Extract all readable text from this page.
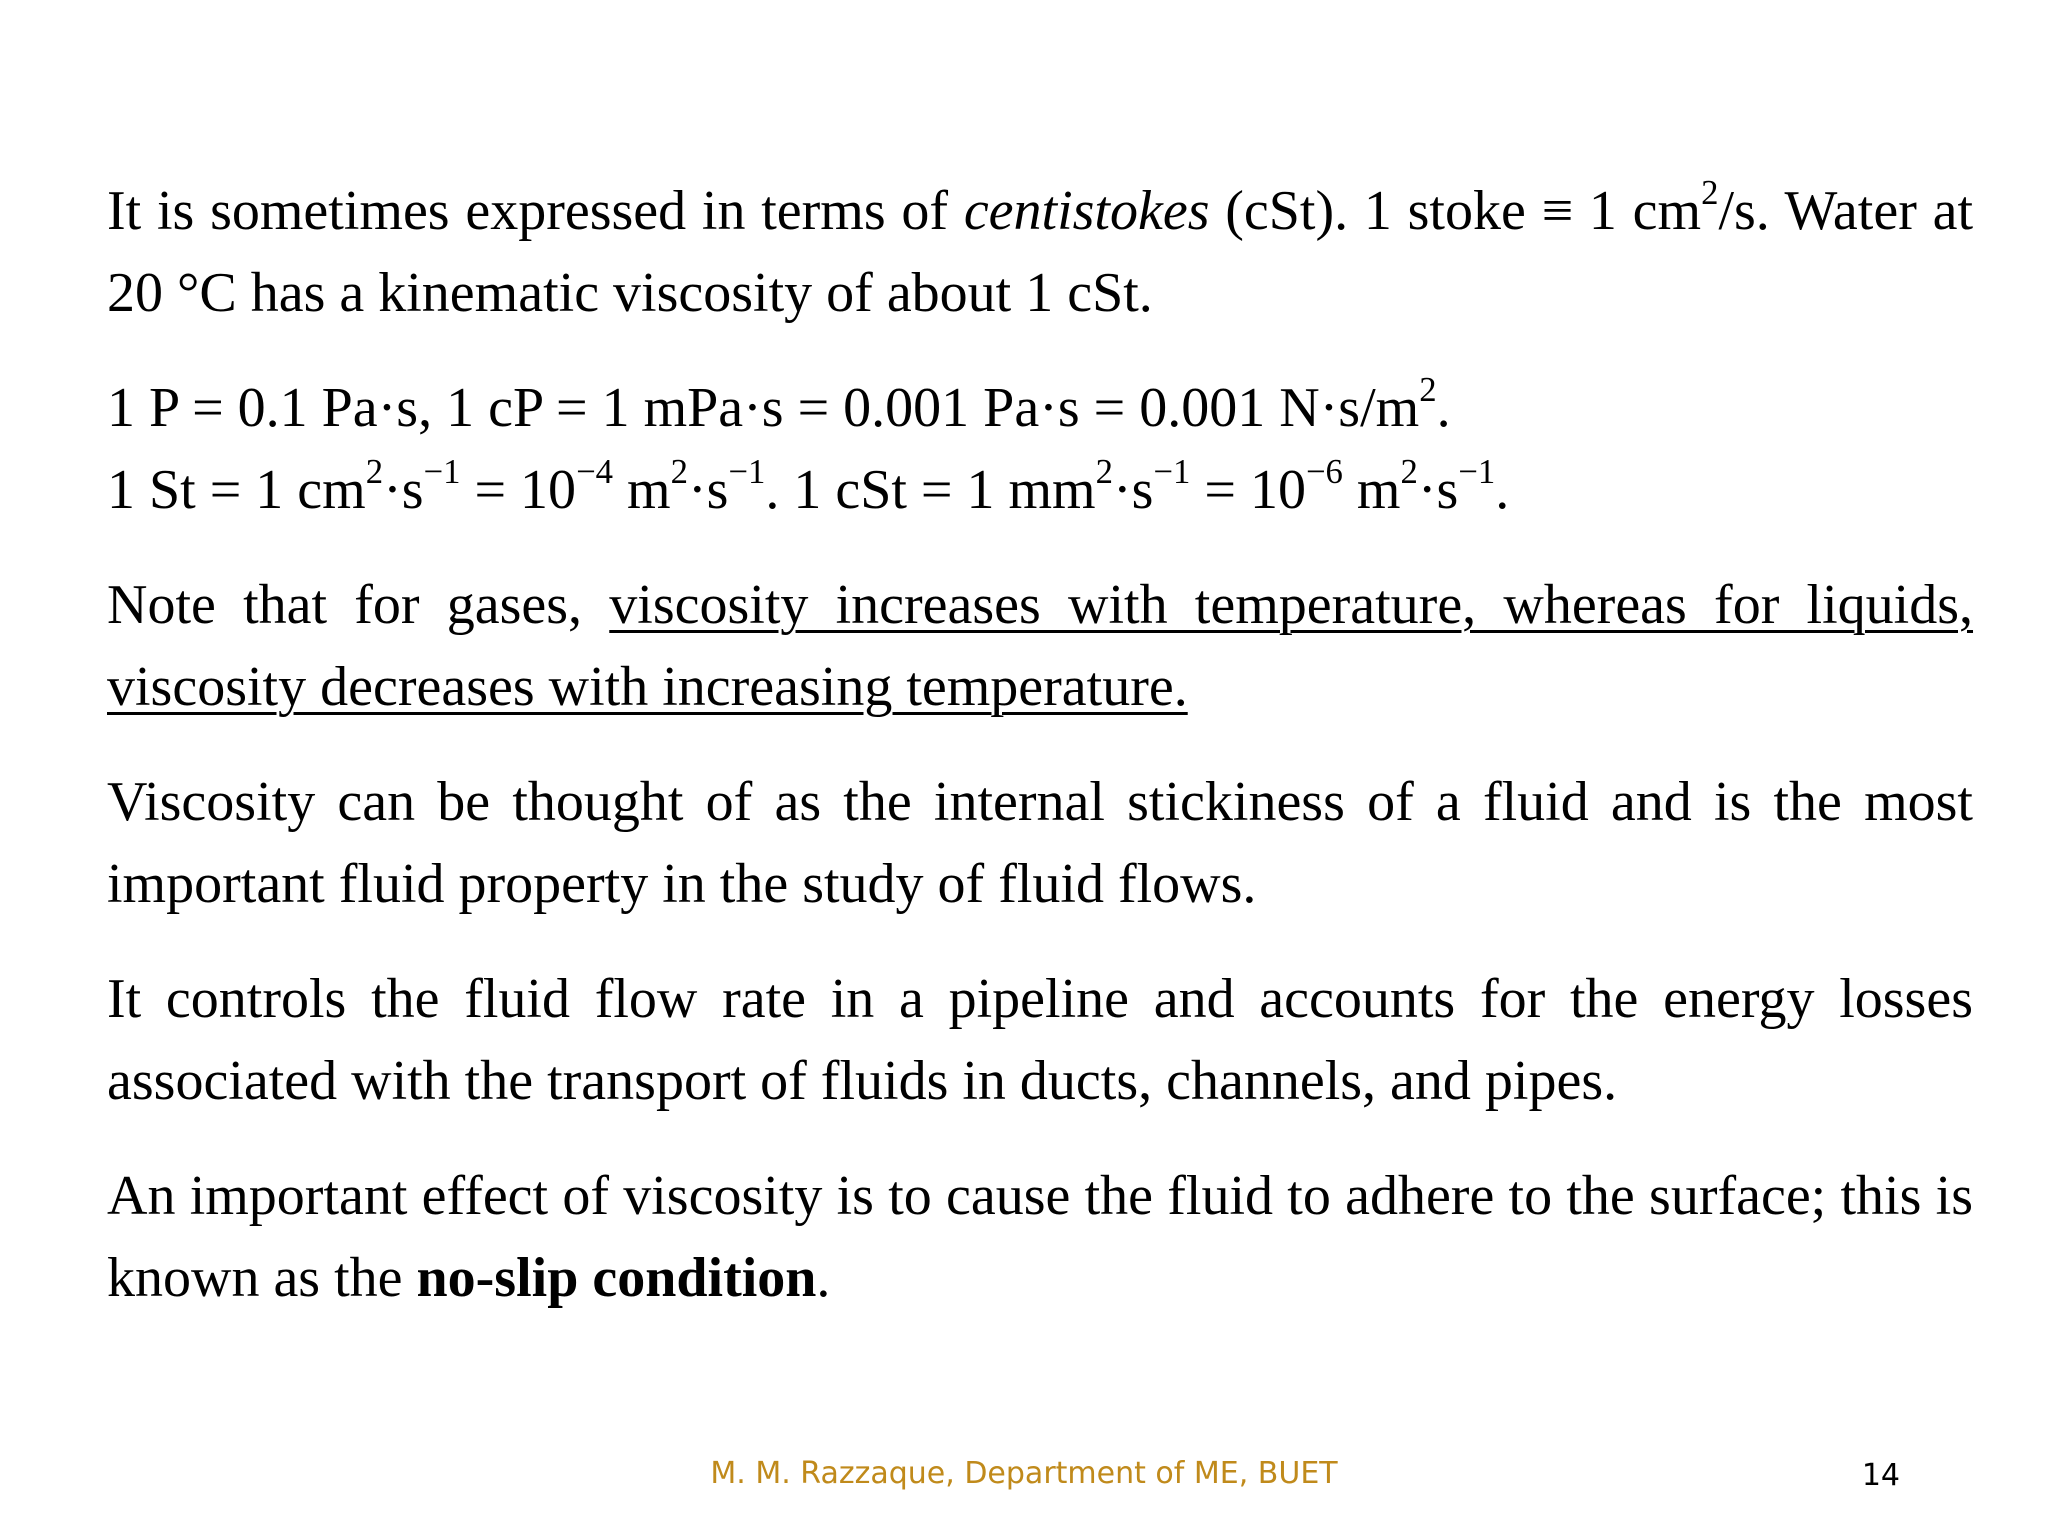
It is sometimes expressed in terms of centistokes (cSt). 1 stoke ≡ 1 $cm^2/s$. Water at 20 °C has a kinematic viscosity of about 1 cSt.

1 P = 0.1 Pa·s, 1 cP = 1 mPa·s = 0.001 Pa·s = 0.001 $N\cdot s/m^2$.

1 St = 1 $cm^2\cdot s^{-1} = 10^{-4}$ $m^2\cdot s^{-1}$. 1 cSt = 1 $mm^2\cdot s^{-1} = 10^{-6}$ $m^2\cdot s^{-1}$.

Note that for gases, viscosity increases with temperature, whereas for liquids, viscosity decreases with increasing temperature.

Viscosity can be thought of as the internal stickiness of a fluid and is the most important fluid property in the study of fluid flows.

It controls the fluid flow rate in a pipeline and accounts for the energy losses associated with the transport of fluids in ducts, channels, and pipes.

An important effect of viscosity is to cause the fluid to adhere to the surface; this is known as the no-slip condition.

M. M. Razzaque, Department of ME, BUET	14
